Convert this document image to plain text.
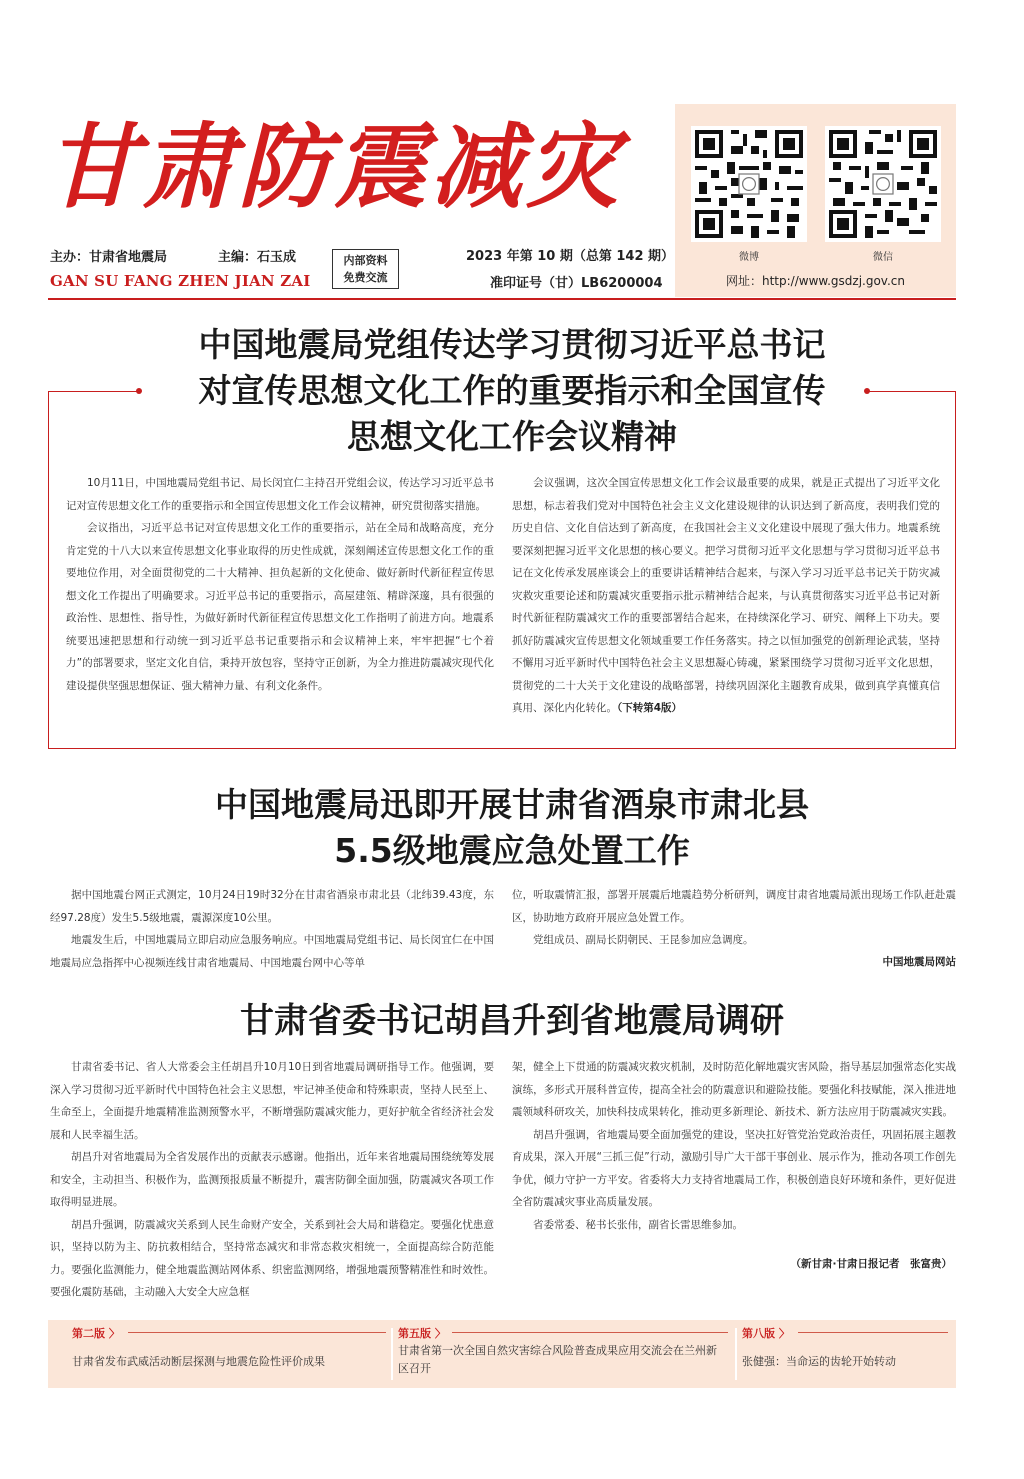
甘肃防震减灾
微博	微信
网址：http://www.gsdzj.gov.cn
主办：甘肃省地震局	主编：石玉成
GAN SU FANG ZHEN JIAN ZAI
内部资料
免费交流
2023 年第 10 期（总第 142 期）
准印证号（甘）LB6200004
中国地震局党组传达学习贯彻习近平总书记
对宣传思想文化工作的重要指示和全国宣传
思想文化工作会议精神

10月11日，中国地震局党组书记、局长闵宜仁主持召开党组会议，传达学习习近平总书记对宣传思想文化工作的重要指示和全国宣传思想文化工作会议精神，研究贯彻落实措施。

会议指出，习近平总书记对宣传思想文化工作的重要指示，站在全局和战略高度，充分肯定党的十八大以来宣传思想文化事业取得的历史性成就，深刻阐述宣传思想文化工作的重要地位作用，对全面贯彻党的二十大精神、担负起新的文化使命、做好新时代新征程宣传思想文化工作提出了明确要求。习近平总书记的重要指示，高屋建瓴、精辟深邃，具有很强的政治性、思想性、指导性，为做好新时代新征程宣传思想文化工作指明了前进方向。地震系统要迅速把思想和行动统一到习近平总书记重要指示和会议精神上来，牢牢把握“七个着力”的部署要求，坚定文化自信，秉持开放包容，坚持守正创新，为全力推进防震减灾现代化建设提供坚强思想保证、强大精神力量、有利文化条件。

会议强调，这次全国宣传思想文化工作会议最重要的成果，就是正式提出了习近平文化思想，标志着我们党对中国特色社会主义文化建设规律的认识达到了新高度，表明我们党的历史自信、文化自信达到了新高度，在我国社会主义文化建设中展现了强大伟力。地震系统要深刻把握习近平文化思想的核心要义。把学习贯彻习近平文化思想与学习贯彻习近平总书记在文化传承发展座谈会上的重要讲话精神结合起来，与深入学习习近平总书记关于防灾减灾救灾重要论述和防震减灾重要指示批示精神结合起来，与认真贯彻落实习近平总书记对新时代新征程防震减灾工作的重要部署结合起来，在持续深化学习、研究、阐释上下功夫。要抓好防震减灾宣传思想文化领域重要工作任务落实。持之以恒加强党的创新理论武装，坚持不懈用习近平新时代中国特色社会主义思想凝心铸魂，紧紧围绕学习贯彻习近平文化思想，贯彻党的二十大关于文化建设的战略部署，持续巩固深化主题教育成果，做到真学真懂真信真用、深化内化转化。（下转第4版）

中国地震局迅即开展甘肃省酒泉市肃北县
5.5级地震应急处置工作

据中国地震台网正式测定，10月24日19时32分在甘肃省酒泉市肃北县（北纬39.43度，东经97.28度）发生5.5级地震，震源深度10公里。

地震发生后，中国地震局立即启动应急服务响应。中国地震局党组书记、局长闵宜仁在中国地震局应急指挥中心视频连线甘肃省地震局、中国地震台网中心等单

位，听取震情汇报，部署开展震后地震趋势分析研判，调度甘肃省地震局派出现场工作队赶赴震区，协助地方政府开展应急处置工作。

党组成员、副局长阴朝民、王昆参加应急调度。

中国地震局网站
甘肃省委书记胡昌升到省地震局调研

甘肃省委书记、省人大常委会主任胡昌升10月10日到省地震局调研指导工作。他强调，要深入学习贯彻习近平新时代中国特色社会主义思想，牢记神圣使命和特殊职责，坚持人民至上、生命至上，全面提升地震精准监测预警水平，不断增强防震减灾能力，更好护航全省经济社会发展和人民幸福生活。

胡昌升对省地震局为全省发展作出的贡献表示感谢。他指出，近年来省地震局围绕统筹发展和安全，主动担当、积极作为，监测预报质量不断提升，震害防御全面加强，防震减灾各项工作取得明显进展。

胡昌升强调，防震减灾关系到人民生命财产安全，关系到社会大局和谐稳定。要强化忧患意识，坚持以防为主、防抗救相结合，坚持常态减灾和非常态救灾相统一，全面提高综合防范能力。要强化监测能力，健全地震监测站网体系、织密监测网络，增强地震预警精准性和时效性。要强化震防基础，主动融入大安全大应急框

架，健全上下贯通的防震减灾救灾机制，及时防范化解地震灾害风险，指导基层加强常态化实战演练，多形式开展科普宣传，提高全社会的防震意识和避险技能。要强化科技赋能，深入推进地震领域科研攻关，加快科技成果转化，推动更多新理论、新技术、新方法应用于防震减灾实践。

胡昌升强调，省地震局要全面加强党的建设，坚决扛好管党治党政治责任，巩固拓展主题教育成果，深入开展“三抓三促”行动，激励引导广大干部干事创业、展示作为，推动各项工作创先争优，倾力守护一方平安。省委将大力支持省地震局工作，积极创造良好环境和条件，更好促进全省防震减灾事业高质量发展。

省委常委、秘书长张伟，副省长雷思维参加。

（新甘肃·甘肃日报记者　张富贵）
第二版 〉
甘肃省发布武威活动断层探测与地震危险性评价成果
第五版 〉
甘肃省第一次全国自然灾害综合风险普查成果应用交流会在兰州新区召开
第八版 〉
张健强：当命运的齿轮开始转动
